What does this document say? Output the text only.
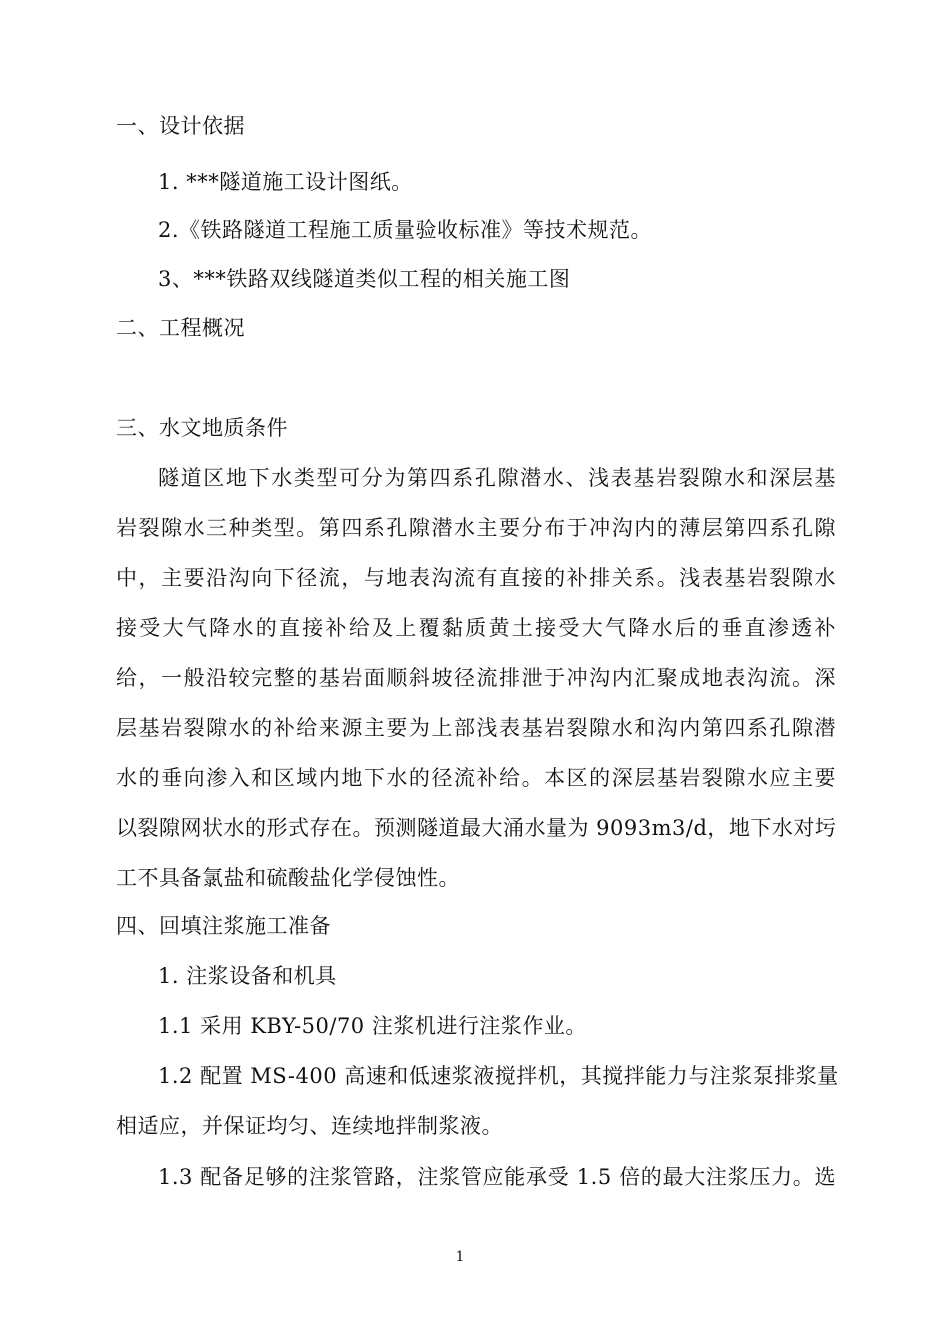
一、设计依据
1. ***隧道施工设计图纸。
2.《铁路隧道工程施工质量验收标准》等技术规范。
3、***铁路双线隧道类似工程的相关施工图
二、工程概况
三、水文地质条件
隧道区地下水类型可分为第四系孔隙潜水、浅表基岩裂隙水和深层基
岩裂隙水三种类型。第四系孔隙潜水主要分布于冲沟内的薄层第四系孔隙
中，主要沿沟向下径流，与地表沟流有直接的补排关系。浅表基岩裂隙水
接受大气降水的直接补给及上覆黏质黄土接受大气降水后的垂直渗透补
给，一般沿较完整的基岩面顺斜坡径流排泄于冲沟内汇聚成地表沟流。深
层基岩裂隙水的补给来源主要为上部浅表基岩裂隙水和沟内第四系孔隙潜
水的垂向渗入和区域内地下水的径流补给。本区的深层基岩裂隙水应主要
以裂隙网状水的形式存在。预测隧道最大涌水量为 9093m3/d，地下水对圬
工不具备氯盐和硫酸盐化学侵蚀性。
四、回填注浆施工准备
1. 注浆设备和机具
1.1 采用 KBY-50/70 注浆机进行注浆作业。
1.2 配置 MS-400 高速和低速浆液搅拌机，其搅拌能力与注浆泵排浆量
相适应，并保证均匀、连续地拌制浆液。
1.3 配备足够的注浆管路，注浆管应能承受 1.5 倍的最大注浆压力。选
1
